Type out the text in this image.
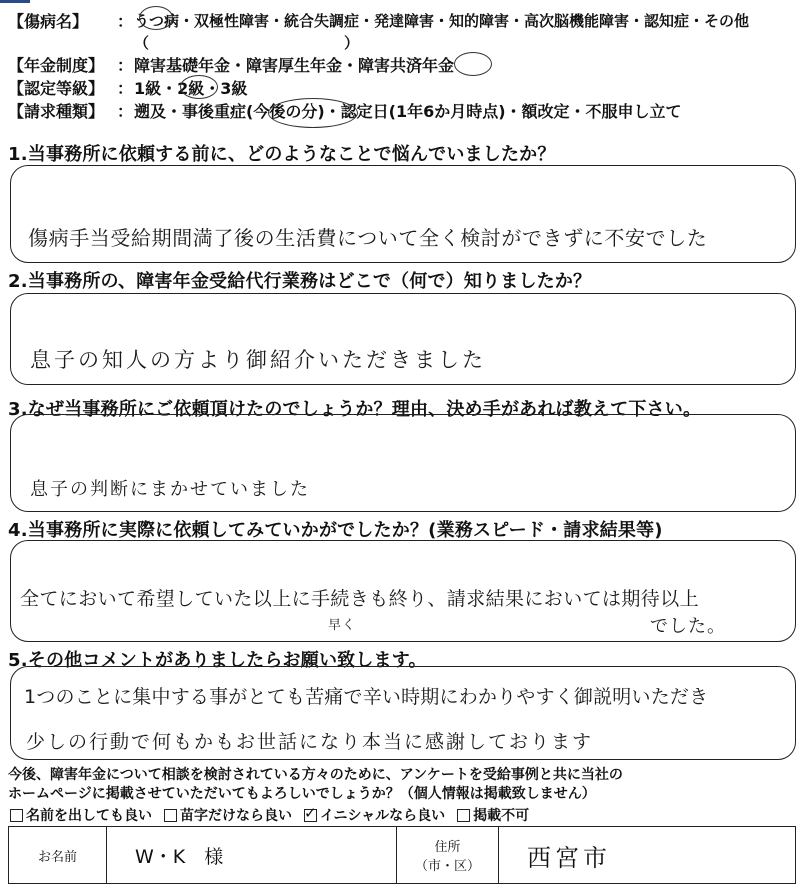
【傷病名】	： うつ病・双極性障害・統合失調症・発達障害・知的障害・高次脳機能障害・認知症・その他（　　　　　　　　　　　　　）
【年金制度】 ： 障害基礎年金・障害厚生年金・障害共済年金
【認定等級】 ： 1級・2級・3級
【請求種類】 ： 遡及・事後重症(今後の分)・認定日(1年6か月時点)・額改定・不服申し立て
1.当事務所に依頼する前に、どのようなことで悩んでいましたか？
傷病手当受給期間満了後の生活費について全く検討ができずに不安でした
2.当事務所の、障害年金受給代行業務はどこで（何で）知りましたか？
息子の知人の方より御紹介いただきました
3.なぜ当事務所にご依頼頂けたのでしょうか？理由、決め手があれば教えて下さい。
息子の判断にまかせていました
4.当事務所に実際に依頼してみていかがでしたか？(業務スピード・請求結果等)
全てにおいて希望していた以上に手続きも終り、請求結果においては期待以上
早く	でした。
5.その他コメントがありましたらお願い致します。
1つのことに集中する事がとても苦痛で辛い時期にわかりやすく御説明いただき
少しの行動で何もかもお世話になり本当に感謝しております
今後、障害年金について相談を検討されている方々のために、アンケートを受給事例と共に当社の
ホームページに掲載させていただいてもよろしいでしょうか？（個人情報は掲載致しません）
名前を出しても良い 苗字だけなら良い
✓ イニシャルなら良い 掲載不可
お名前	W・K　様	住所
（市・区） 西宮市
